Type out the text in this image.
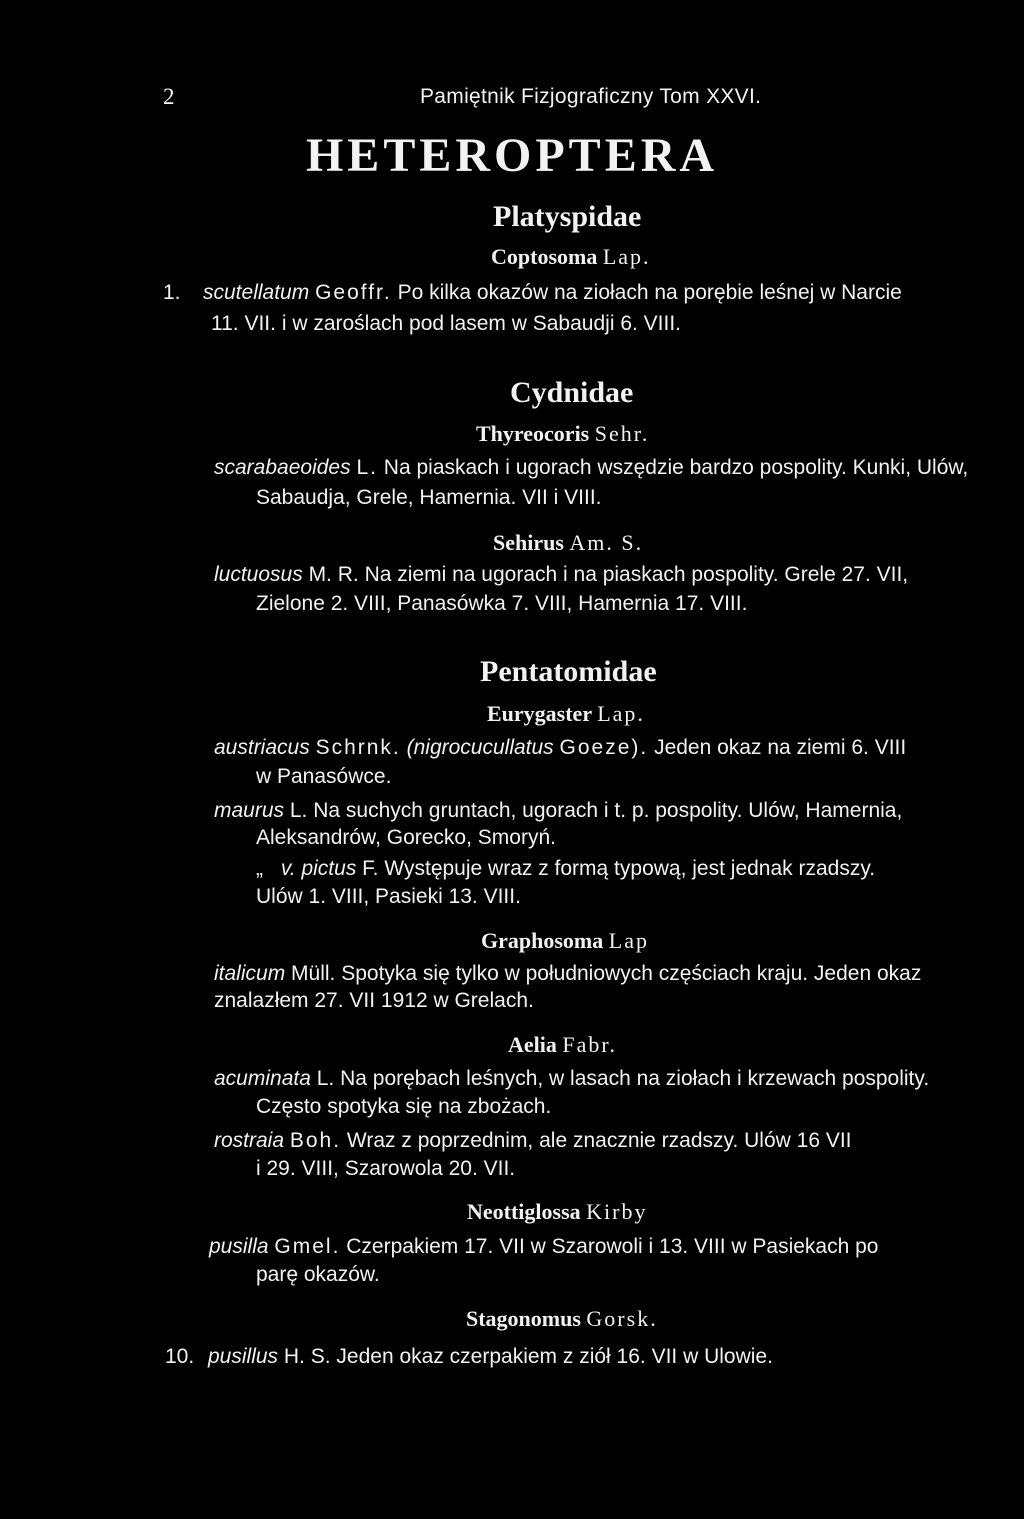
2	Pamiętnik Fizjograficzny Tom XXVI.
HETEROPTERA
Platyspidae
Coptosoma Lap.
1. scutellatum Geoffr. Po kilka okazów na ziołach na porębie leśnej w Narcie
11. VII. i w zaroślach pod lasem w Sabaudji 6. VIII.
Cydnidae
Thyreocoris Sehr.
scarabaeoides L. Na piaskach i ugorach wszędzie bardzo pospolity. Kunki, Ulów,
Sabaudja, Grele, Hamernia. VII i VIII.
Sehirus Am. S.
luctuosus M. R. Na ziemi na ugorach i na piaskach pospolity. Grele 27. VII,
Zielone 2. VIII, Panasówka 7. VIII, Hamernia 17. VIII.
Pentatomidae
Eurygaster Lap.
austriacus Schrnk. (nigrocucullatus Goeze). Jeden okaz na ziemi 6. VIII
w Panasówce.
maurus L. Na suchych gruntach, ugorach i t. p. pospolity. Ulów, Hamernia,
Aleksandrów, Gorecko, Smoryń.
„ v. pictus F. Występuje wraz z formą typową, jest jednak rzadszy.
Ulów 1. VIII, Pasieki 13. VIII.
Graphosoma Lap
italicum Müll. Spotyka się tylko w południowych częściach kraju. Jeden okaz
znalazłem 27. VII 1912 w Grelach.
Aelia Fabr.
acuminata L. Na porębach leśnych, w lasach na ziołach i krzewach pospolity.
Często spotyka się na zbożach.
rostraia Boh. Wraz z poprzednim, ale znacznie rzadszy. Ulów 16 VII
i 29. VIII, Szarowola 20. VII.
Neottiglossa Kirby
pusilla Gmel. Czerpakiem 17. VII w Szarowoli i 13. VIII w Pasiekach po
parę okazów.
Stagonomus Gorsk.
10. pusillus H. S. Jeden okaz czerpakiem z ziół 16. VII w Ulowie.
